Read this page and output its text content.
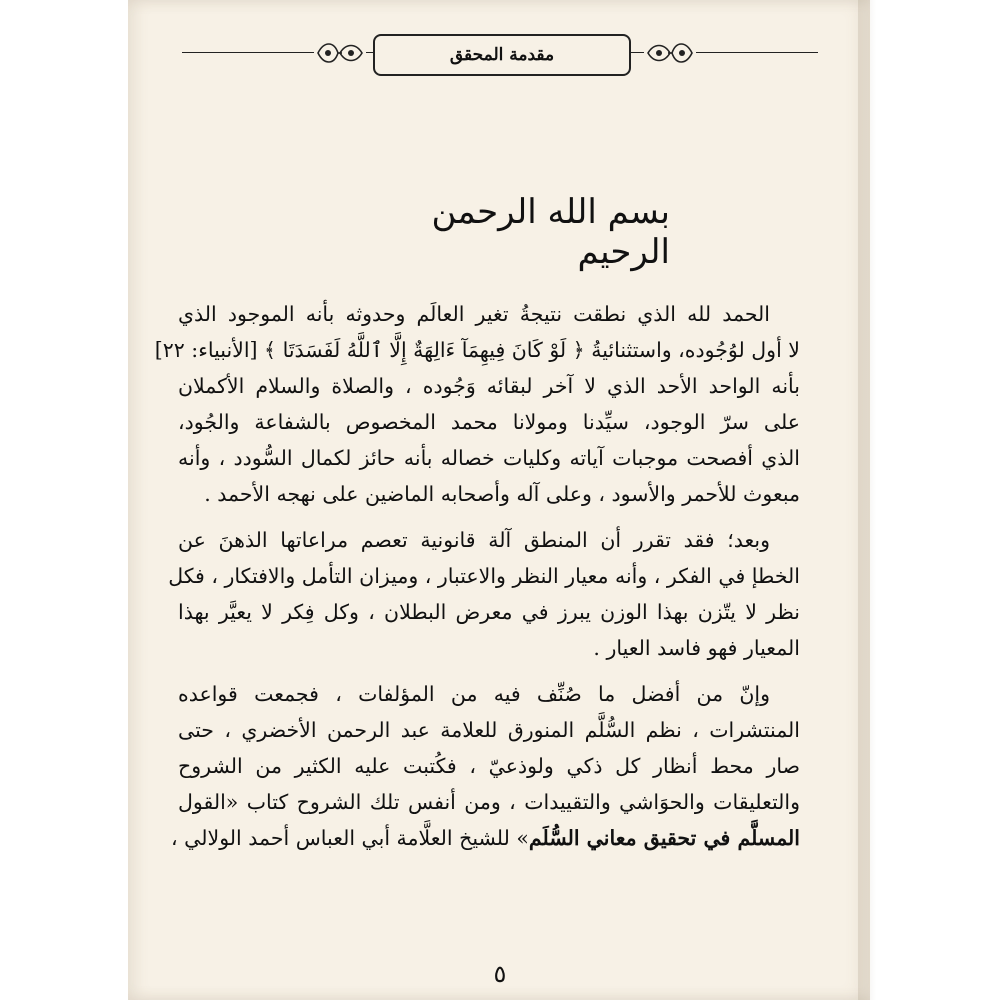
مقدمة المحقق
بسم الله الرحمن الرحيم
الحمد لله الذي نطقت نتيجةُ تغير العالَم وحدوثه بأنه الموجود الذي
لا أول لوُجُوده، واستثنائيةُ ﴿ لَوْ كَانَ فِيهِمَآ ءَالِهَةٌ إِلَّا ٱللَّهُ لَفَسَدَتَا ﴾ [الأنبياء: ٢٢]
بأنه الواحد الأحد الذي لا آخر لبقائه وَجُوده ، والصلاة والسلام الأكملان
على سرّ الوجود، سيِّدنا ومولانا محمد المخصوص بالشفاعة والجُود،
الذي أفصحت موجبات آياته وكليات خصاله بأنه حائز لكمال السُّودد ، وأنه
مبعوث للأحمر والأسود ، وعلى آله وأصحابه الماضين على نهجه الأحمد .
وبعد؛ فقد تقرر أن المنطق آلة قانونية تعصم مراعاتها الذهنَ عن
الخطإ في الفكر ، وأنه معيار النظر والاعتبار ، وميزان التأمل والافتكار ، فكل
نظر لا يتّزن بهذا الوزن يبرز في معرض البطلان ، وكل فِكر لا يعيَّر بهذا
المعيار فهو فاسد العيار .
وإنّ من أفضل ما صُنِّف فيه من المؤلفات ، فجمعت قواعده
المنتشرات ، نظم السُّلَّم المنورق للعلامة عبد الرحمن الأخضري ، حتى
صار محط أنظار كل ذكي ولوذعيّ ، فكُتبت عليه الكثير من الشروح
والتعليقات والحوَاشي والتقييدات ، ومن أنفس تلك الشروح كتاب «القول
المسلَّم في تحقيق معاني السُّلَم» للشيخ العلَّامة أبي العباس أحمد الولالي ،
٥
